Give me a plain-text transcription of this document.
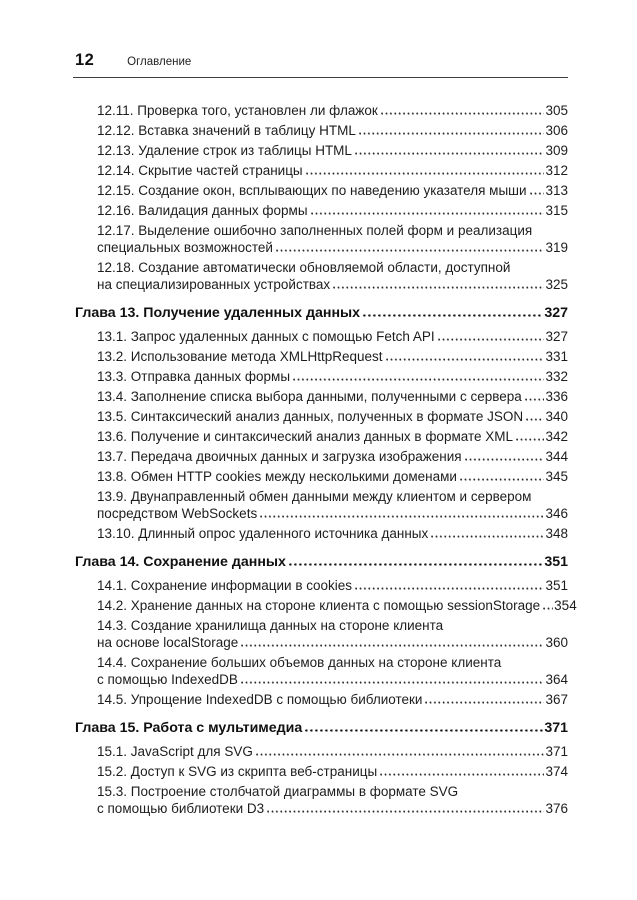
12	Оглавление
12.11. Проверка того, установлен ли флажок	305
12.12. Вставка значений в таблицу HTML	306
12.13. Удаление строк из таблицы HTML	309
12.14. Скрытие частей страницы	312
12.15. Создание окон, всплывающих по наведению указателя мыши 313
12.16. Валидация данных формы	315
12.17. Выделение ошибочно заполненных полей форм и реализация
специальных возможностей	319
12.18. Создание автоматически обновляемой области, доступной
на специализированных устройствах	325
Глава 13. Получение удаленных данных	327
13.1. Запрос удаленных данных с помощью Fetch API	327
13.2. Использование метода XMLHttpRequest	331
13.3. Отправка данных формы	332
13.4. Заполнение списка выбора данными, полученными с сервера 336
13.5. Синтаксический анализ данных, полученных в формате JSON 340
13.6. Получение и синтаксический анализ данных в формате XML 342
13.7. Передача двоичных данных и загрузка изображения	344
13.8. Обмен HTTP cookies между несколькими доменами	345
13.9. Двунаправленный обмен данными между клиентом и сервером
посредством WebSockets	346
13.10. Длинный опрос удаленного источника данных	348
Глава 14. Сохранение данных	351
14.1. Сохранение информации в cookies	351
14.2. Хранение данных на стороне клиента с помощью sessionStorage 354
14.3. Создание хранилища данных на стороне клиента
на основе localStorage	360
14.4. Сохранение больших объемов данных на стороне клиента
с помощью IndexedDB	364
14.5. Упрощение IndexedDB с помощью библиотеки	367
Глава 15. Работа с мультимедиа	371
15.1. JavaScript для SVG	371
15.2. Доступ к SVG из скрипта веб-страницы	374
15.3. Построение столбчатой диаграммы в формате SVG
с помощью библиотеки D3	376
